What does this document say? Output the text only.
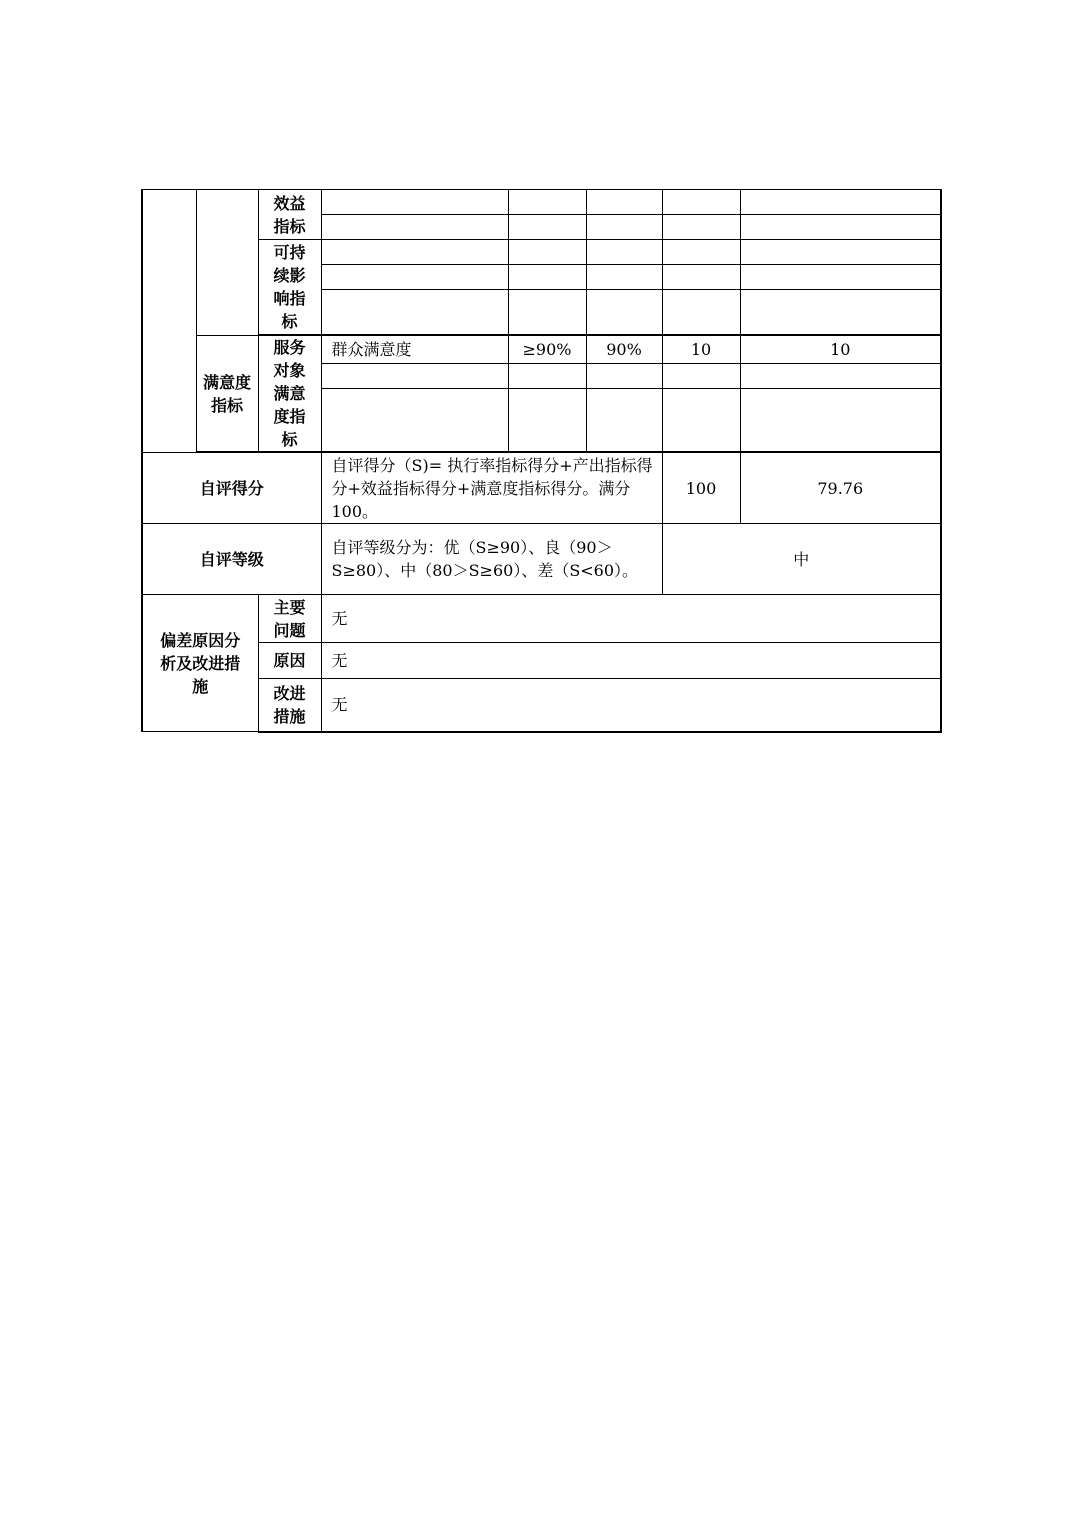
		效益指标					

		可持续影响指标					

	满意度指标	服务对象满意度指标	群众满意度	≥90%	90%	10	10

自评得分			自评得分（S)= 执行率指标得分+产出指标得分+效益指标得分+满意度指标得分。满分 100。			100	79.76
自评等级			自评等级分为：优（S≥90）、良（90＞S≥80）、中（80＞S≥60）、差（S<60）。			中	
偏差原因分析及改进措施		主要问题	无				
		原因	无				
		改进措施	无				
